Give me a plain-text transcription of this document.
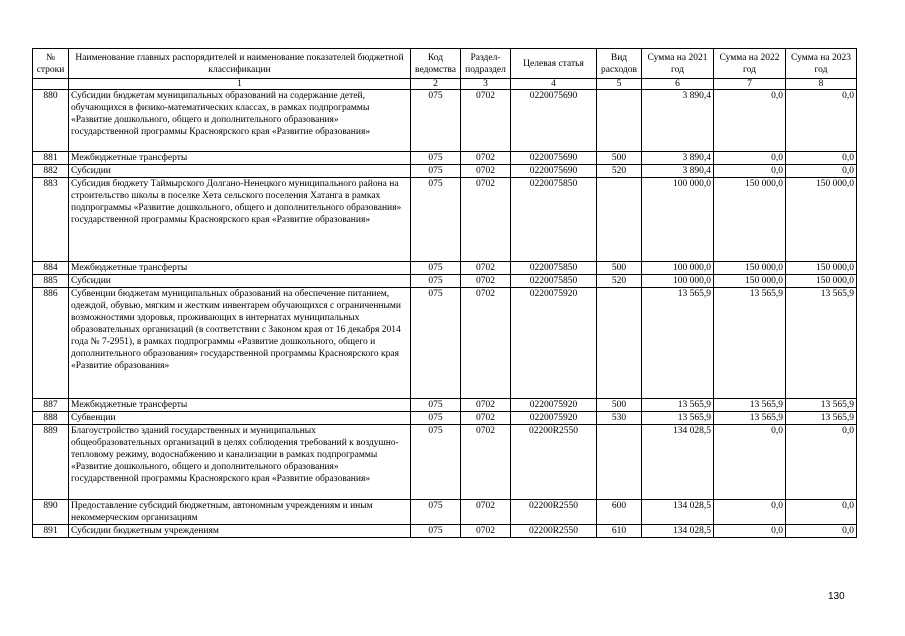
№ строки	Наименование главных распорядителей и наименование показателей бюджетной классификации	Код ведомства	Раздел- подраздел	Целевая статья	Вид расходов	Сумма на 2021 год	Сумма на 2022 год	Сумма на 2023 год
	1	2	3	4	5	6	7	8
880	Субсидии бюджетам муниципальных образований на содержание детей, обучающихся в физико-математических классах, в рамках подпрограммы «Развитие дошкольного, общего и дополнительного образования» государственной программы Красноярского края «Развитие образования»	075	0702	0220075690		3 890,4	0,0	0,0
881	Межбюджетные трансферты	075	0702	0220075690	500	3 890,4	0,0	0,0
882	Субсидии	075	0702	0220075690	520	3 890,4	0,0	0,0
883	Субсидия бюджету Таймырского Долгано-Ненецкого муниципального района на строительство школы в поселке Хета сельского поселения Хатанга в рамках подпрограммы «Развитие дошкольного, общего и дополнительного образования» государственной программы Красноярского края «Развитие образования»	075	0702	0220075850		100 000,0	150 000,0	150 000,0
884	Межбюджетные трансферты	075	0702	0220075850	500	100 000,0	150 000,0	150 000,0
885	Субсидии	075	0702	0220075850	520	100 000,0	150 000,0	150 000,0
886	Субвенции бюджетам муниципальных образований на обеспечение питанием, одеждой, обувью, мягким и жестким инвентарем обучающихся с ограниченными возможностями здоровья, проживающих в интернатах муниципальных образовательных организаций (в соответствии с Законом края от 16 декабря 2014 года № 7-2951), в рамках подпрограммы «Развитие дошкольного, общего и дополнительного образования» государственной программы Красноярского края «Развитие образования»	075	0702	0220075920		13 565,9	13 565,9	13 565,9
887	Межбюджетные трансферты	075	0702	0220075920	500	13 565,9	13 565,9	13 565,9
888	Субвенции	075	0702	0220075920	530	13 565,9	13 565,9	13 565,9
889	Благоустройство зданий государственных и муниципальных общеобразовательных организаций в целях соблюдения требований к воздушно-тепловому режиму, водоснабжению и канализации в рамках подпрограммы «Развитие дошкольного, общего и дополнительного образования» государственной программы Красноярского края «Развитие образования»	075	0702	02200R2550		134 028,5	0,0	0,0
890	Предоставление субсидий бюджетным, автономным учреждениям и иным некоммерческим организациям	075	0702	02200R2550	600	134 028,5	0,0	0,0
891	Субсидии бюджетным учреждениям	075	0702	02200R2550	610	134 028,5	0,0	0,0
130
